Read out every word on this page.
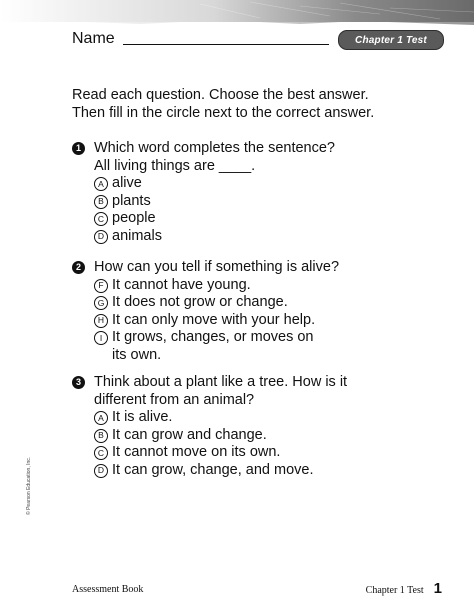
Name	Chapter 1 Test
Read each question. Choose the best answer.
Then fill in the circle next to the correct answer.
1 Which word completes the sentence?
All living things are ____.
A alive
B plants
C people
D animals
2 How can you tell if something is alive?
F It cannot have young.
G It does not grow or change.
H It can only move with your help.
I It grows, changes, or moves on
its own.
3 Think about a plant like a tree. How is it
different from an animal?
A It is alive.
B It can grow and change.
C It cannot move on its own.
D It can grow, change, and move.
© Pearson Education, Inc.
Assessment Book	Chapter 1 Test 1
